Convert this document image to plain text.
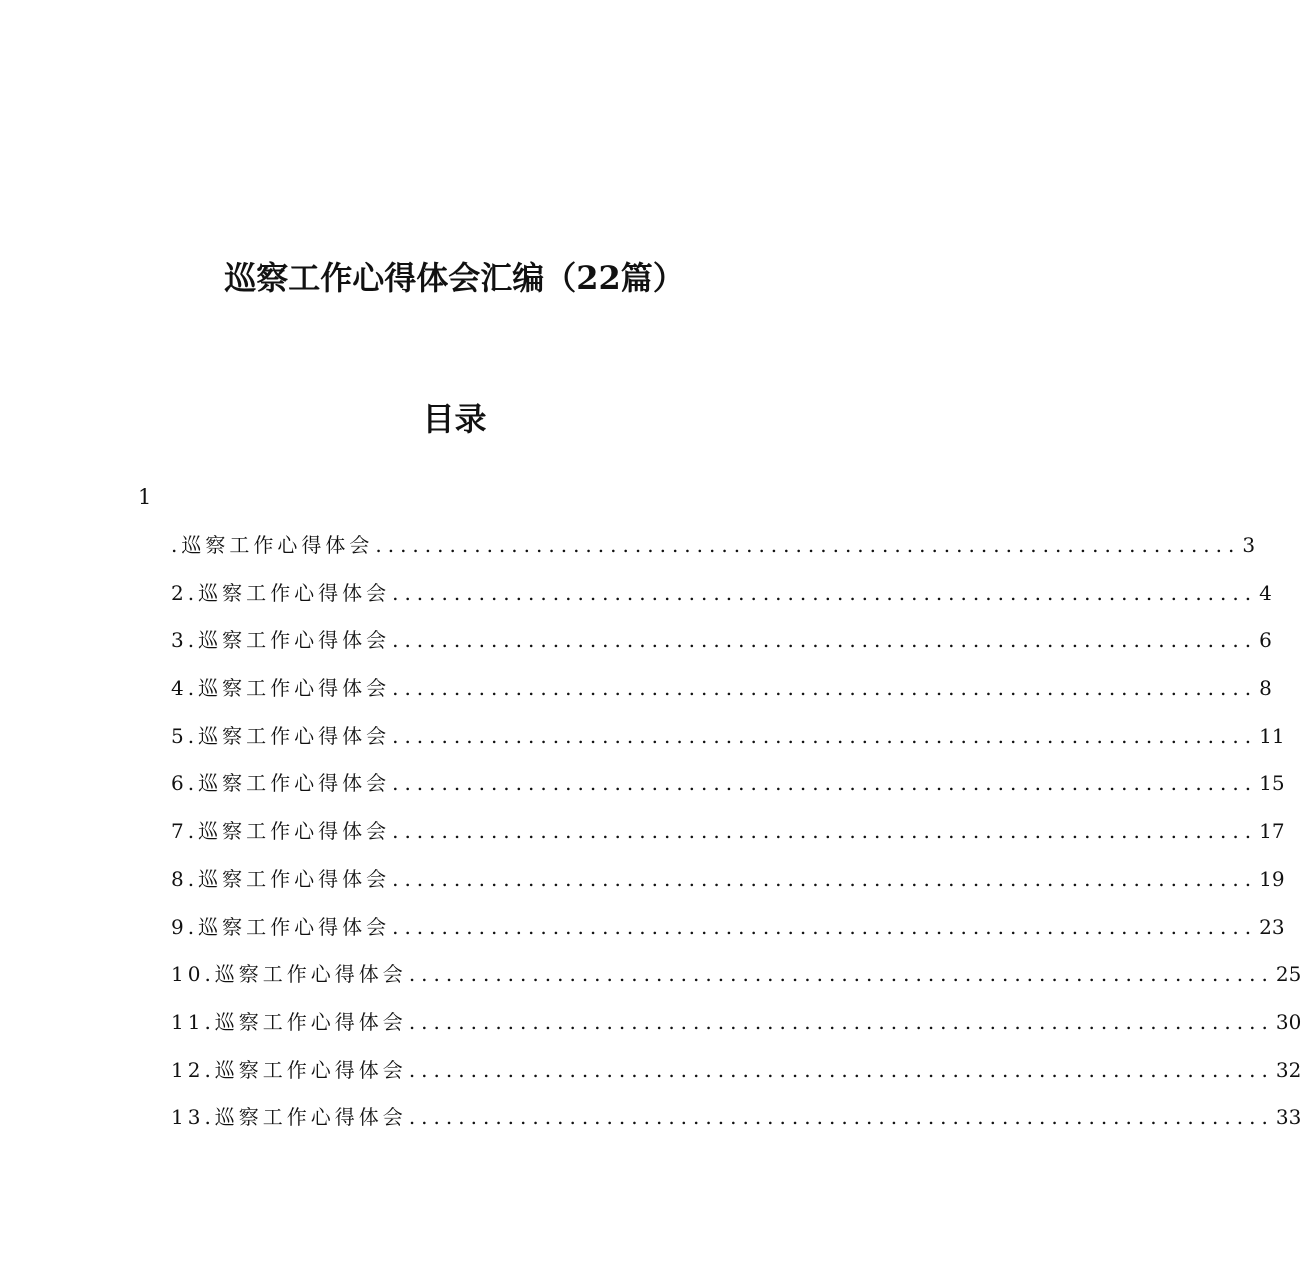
巡察工作心得体会汇编（22篇）
目录
1
.巡察工作心得体会 ...................................................................... 3
2.巡察工作心得体会 ...................................................................... 4
3.巡察工作心得体会 ...................................................................... 6
4.巡察工作心得体会 ...................................................................... 8
5.巡察工作心得体会 ...................................................................... 11
6.巡察工作心得体会 ...................................................................... 15
7.巡察工作心得体会 ...................................................................... 17
8.巡察工作心得体会 ...................................................................... 19
9.巡察工作心得体会 ...................................................................... 23
10.巡察工作心得体会 ...................................................................... 25
11.巡察工作心得体会 ...................................................................... 30
12.巡察工作心得体会 ...................................................................... 32
13.巡察工作心得体会 ...................................................................... 33
